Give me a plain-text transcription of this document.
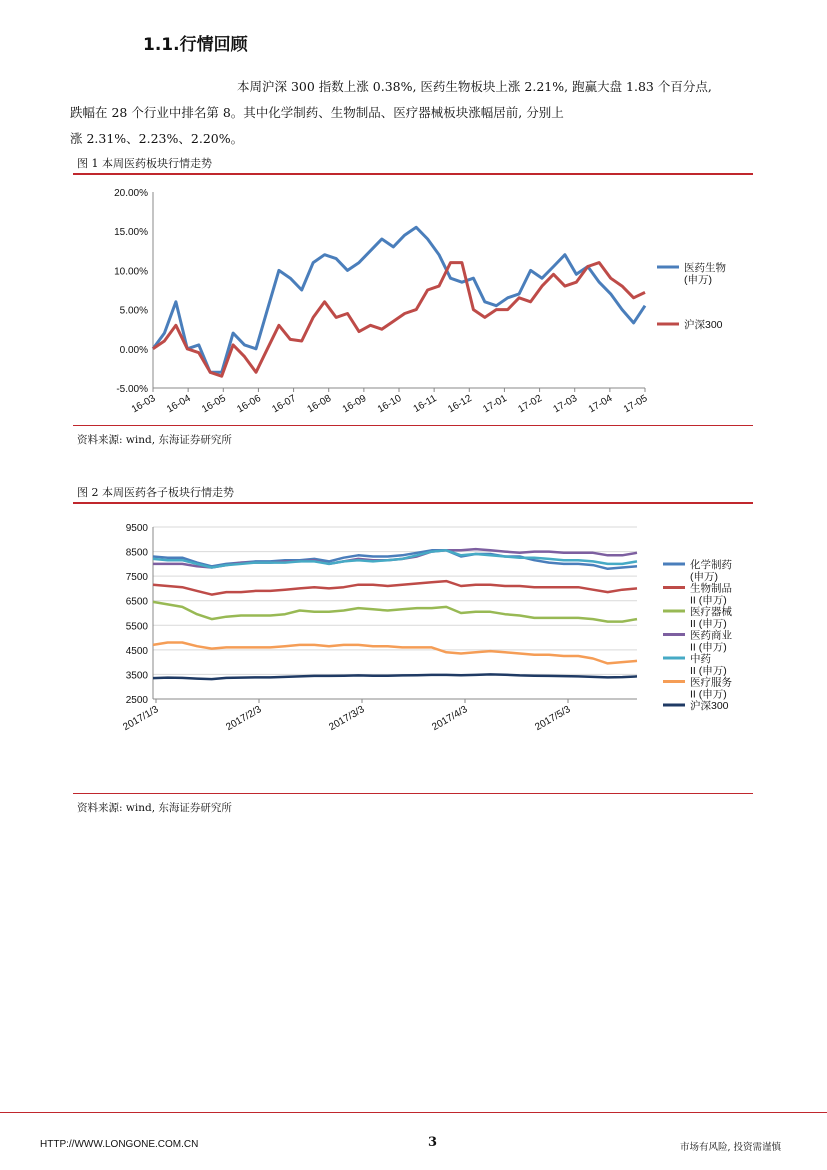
1.1.行情回顾

本周沪深 300 指数上涨 0.38%, 医药生物板块上涨 2.21%, 跑赢大盘 1.83 个百分点,

跌幅在 28 个行业中排名第 8。其中化学制药、生物制品、医疗器械板块涨幅居前, 分别上

涨 2.31%、2.23%、2.20%。

图 1 本周医药板块行情走势
-5.00%
0.00%
5.00%
10.00%
15.00%
20.00%
16-03 16-04 16-05 16-06 16-07 16-08 16-09 16-10 16-11 16-12 17-01 17-02 17-03 17-04 17-05
医药生物
(申万)
沪深300
资料来源: wind, 东海证券研究所
图 2 本周医药各子板块行情走势
2500
3500
4500
5500
6500
7500
8500
9500
2017/1/3	2017/2/3	2017/3/3	2017/4/3	2017/5/3
化学制药
(申万)
生物制品
II (申万)
医疗器械
II (申万)
医药商业
II (申万)
中药
II (申万)
医疗服务
II (申万)
沪深300
资料来源: wind, 东海证券研究所
HTTP://WWW.LONGONE.COM.CN	3	市场有风险, 投资需谨慎
